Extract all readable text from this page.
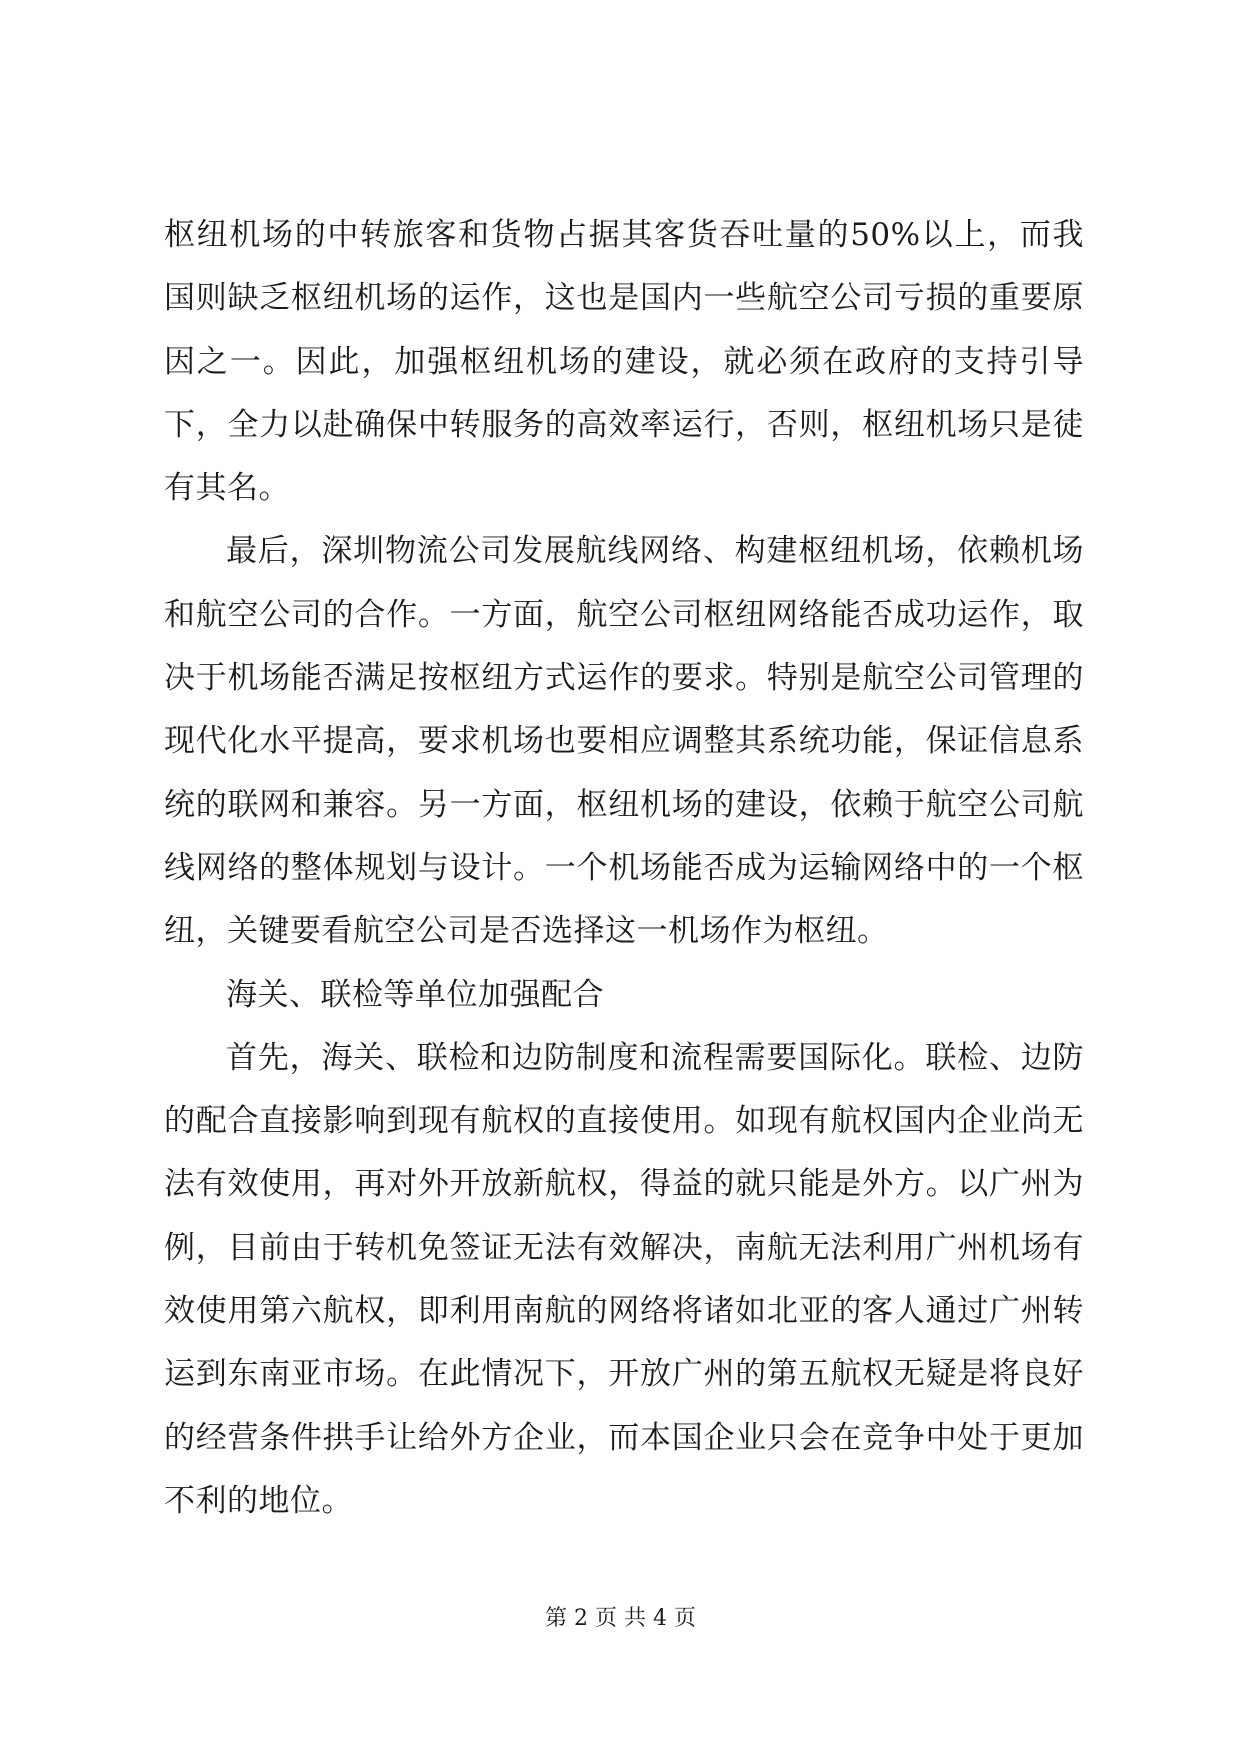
枢纽机场的中转旅客和货物占据其客货吞吐量的50%以上，而我国则缺乏枢纽机场的运作，这也是国内一些航空公司亏损的重要原因之一。因此，加强枢纽机场的建设，就必须在政府的支持引导下，全力以赴确保中转服务的高效率运行，否则，枢纽机场只是徒有其名。

最后，深圳物流公司发展航线网络、构建枢纽机场，依赖机场和航空公司的合作。一方面，航空公司枢纽网络能否成功运作，取决于机场能否满足按枢纽方式运作的要求。特别是航空公司管理的现代化水平提高，要求机场也要相应调整其系统功能，保证信息系统的联网和兼容。另一方面，枢纽机场的建设，依赖于航空公司航线网络的整体规划与设计。一个机场能否成为运输网络中的一个枢纽，关键要看航空公司是否选择这一机场作为枢纽。

海关、联检等单位加强配合

首先，海关、联检和边防制度和流程需要国际化。联检、边防的配合直接影响到现有航权的直接使用。如现有航权国内企业尚无法有效使用，再对外开放新航权，得益的就只能是外方。以广州为例，目前由于转机免签证无法有效解决，南航无法利用广州机场有效使用第六航权，即利用南航的网络将诸如北亚的客人通过广州转运到东南亚市场。在此情况下，开放广州的第五航权无疑是将良好的经营条件拱手让给外方企业，而本国企业只会在竞争中处于更加不利的地位。

第 2 页 共 4 页
